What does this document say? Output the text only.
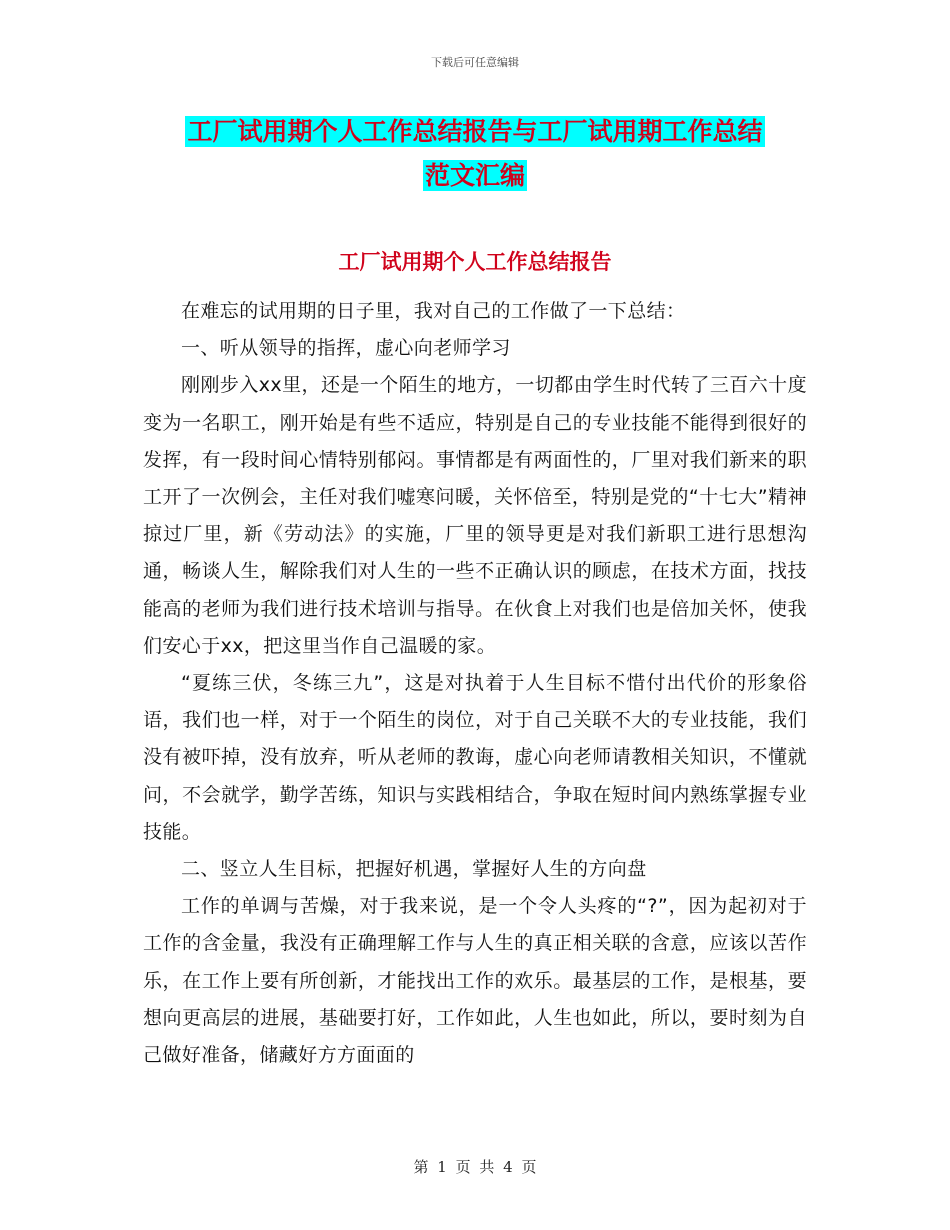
下载后可任意编辑
工厂试用期个人工作总结报告与工厂试用期工作总结
范文汇编
工厂试用期个人工作总结报告

在难忘的试用期的日子里，我对自己的工作做了一下总结：

一、听从领导的指挥，虚心向老师学习

刚刚步入xx里，还是一个陌生的地方，一切都由学生时代转了三百六十度变为一名职工，刚开始是有些不适应，特别是自己的专业技能不能得到很好的发挥，有一段时间心情特别郁闷。事情都是有两面性的，厂里对我们新来的职工开了一次例会，主任对我们嘘寒问暖，关怀倍至，特别是党的“十七大”精神掠过厂里，新《劳动法》的实施，厂里的领导更是对我们新职工进行思想沟通，畅谈人生，解除我们对人生的一些不正确认识的顾虑，在技术方面，找技能高的老师为我们进行技术培训与指导。在伙食上对我们也是倍加关怀，使我们安心于xx，把这里当作自己温暖的家。

“夏练三伏，冬练三九”，这是对执着于人生目标不惜付出代价的形象俗语，我们也一样，对于一个陌生的岗位，对于自己关联不大的专业技能，我们没有被吓掉，没有放弃，听从老师的教诲，虚心向老师请教相关知识，不懂就问，不会就学，勤学苦练，知识与实践相结合，争取在短时间内熟练掌握专业技能。

二、竖立人生目标，把握好机遇，掌握好人生的方向盘

工作的单调与苦燥，对于我来说，是一个令人头疼的“?”，因为起初对于工作的含金量，我没有正确理解工作与人生的真正相关联的含意，应该以苦作乐，在工作上要有所创新，才能找出工作的欢乐。最基层的工作，是根基，要想向更高层的进展，基础要打好，工作如此，人生也如此，所以，要时刻为自己做好准备，储藏好方方面面的

第 1 页 共 4 页
